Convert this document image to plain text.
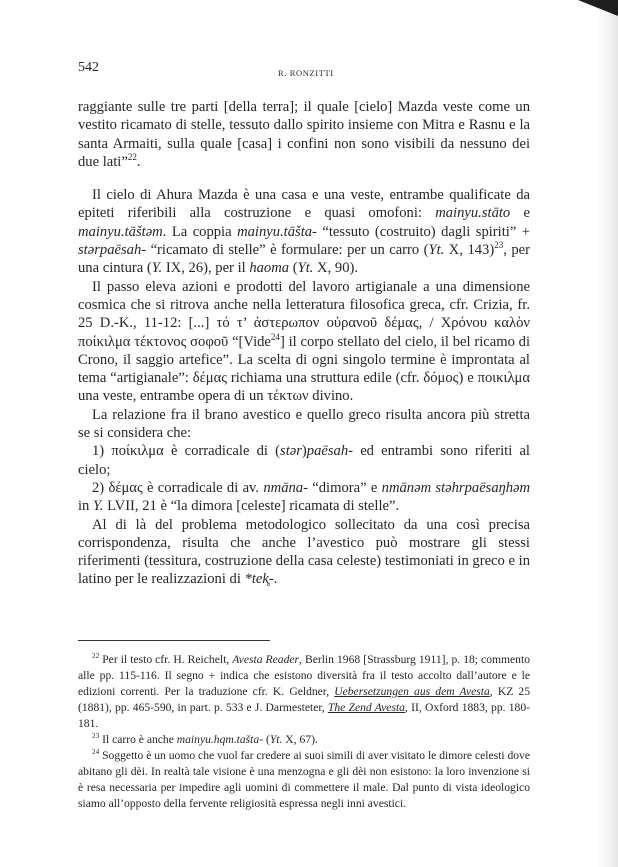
542	R. RONZITTI

raggiante sulle tre parti [della terra]; il quale [cielo] Mazda veste come un vestito ricamato di stelle, tessuto dallo spirito insieme con Mitra e Rasnu e la santa Armaiti, sulla quale [casa] i confini non sono visibili da nessuno dei due lati”$^{22}$.

Il cielo di Ahura Mazda è una casa e una veste, entrambe qualificate da epiteti riferibili alla costruzione e quasi omofoni: mainyu.stāto e mainyu.tāštəm. La coppia mainyu.tāšta- “tessuto (costruito) dagli spiriti” + stərpaēsah- “ricamato di stelle” è formulare: per un carro (Yt. X, 143)$^{23}$, per una cintura (Y. IX, 26), per il haoma (Yt. X, 90).

Il passo eleva azioni e prodotti del lavoro artigianale a una dimensione cosmica che si ritrova anche nella letteratura filosofica greca, cfr. Crizia, fr. 25 D.-K., 11-12: [...] τό τ’ ἀστερωπον οὐρανοῦ δέμας, / Χρόνου καλὸν ποίκιλμα τέκτονος σοφοῦ “[Vide$^{24}$] il corpo stellato del cielo, il bel ricamo di Crono, il saggio artefice”. La scelta di ogni singolo termine è improntata al tema “artigianale”: δέμας richiama una struttura edile (cfr. δόμος) e ποικιλμα una veste, entrambe opera di un τέκτων divino.

La relazione fra il brano avestico e quello greco risulta ancora più stretta se si considera che:

1) ποίκιλμα è corradicale di (stər)paēsah- ed entrambi sono riferiti al cielo;

2) δέμας è corradicale di av. nmāna- “dimora” e nmānəm stəhrpaēsaŋhəm in Y. LVII, 21 è “la dimora [celeste] ricamata di stelle”.

Al di là del problema metodologico sollecitato da una così precisa corrispondenza, risulta che anche l’avestico può mostrare gli stessi riferimenti (tessitura, costruzione della casa celeste) testimoniati in greco e in latino per le realizzazioni di *tek̥-.

$^{22}$ Per il testo cfr. H. Reichelt, Avesta Reader, Berlin 1968 [Strassburg 1911], p. 18; commento alle pp. 115-116. Il segno + indica che esistono diversità fra il testo accolto dall’autore e le edizioni correnti. Per la traduzione cfr. K. Geldner, Uebersetzungen aus dem Avesta, KZ 25 (1881), pp. 465-590, in part. p. 533 e J. Darmesteter, The Zend Avesta, II, Oxford 1883, pp. 180-181.

$^{23}$ Il carro è anche mainyu.hqm.tašta- (Yt. X, 67).

$^{24}$ Soggetto è un uomo che vuol far credere ai suoi simili di aver visitato le dimore celesti dove abitano gli dèi. In realtà tale visione è una menzogna e gli dèi non esistono: la loro invenzione si è resa necessaria per impedire agli uomini di commettere il male. Dal punto di vista ideologico siamo all’opposto della fervente religiosità espressa negli inni avestici.
